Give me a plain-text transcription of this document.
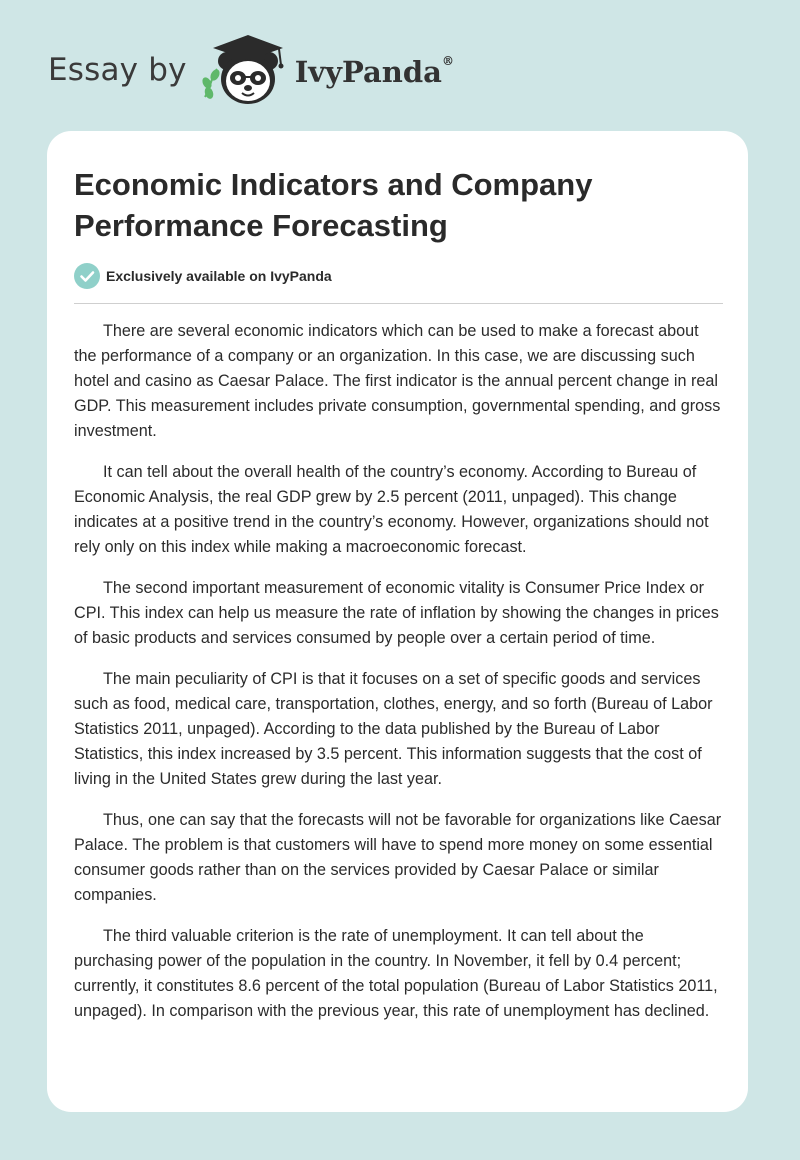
Essay by	IvyPanda®
Economic Indicators and Company Performance Forecasting
Exclusively available on IvyPanda

There are several economic indicators which can be used to make a forecast about the performance of a company or an organization. In this case, we are discussing such hotel and casino as Caesar Palace. The first indicator is the annual percent change in real GDP. This measurement includes private consumption, governmental spending, and gross investment.

It can tell about the overall health of the country’s economy. According to Bureau of Economic Analysis, the real GDP grew by 2.5 percent (2011, unpaged). This change indicates at a positive trend in the country’s economy. However, organizations should not rely only on this index while making a macroeconomic forecast.

The second important measurement of economic vitality is Consumer Price Index or CPI. This index can help us measure the rate of inflation by showing the changes in prices of basic products and services consumed by people over a certain period of time.

The main peculiarity of CPI is that it focuses on a set of specific goods and services such as food, medical care, transportation, clothes, energy, and so forth (Bureau of Labor Statistics 2011, unpaged). According to the data published by the Bureau of Labor Statistics, this index increased by 3.5 percent. This information suggests that the cost of living in the United States grew during the last year.

Thus, one can say that the forecasts will not be favorable for organizations like Caesar Palace. The problem is that customers will have to spend more money on some essential consumer goods rather than on the services provided by Caesar Palace or similar companies.

The third valuable criterion is the rate of unemployment. It can tell about the purchasing power of the population in the country. In November, it fell by 0.4 percent; currently, it constitutes 8.6 percent of the total population (Bureau of Labor Statistics 2011, unpaged). In comparison with the previous year, this rate of unemployment has declined.
